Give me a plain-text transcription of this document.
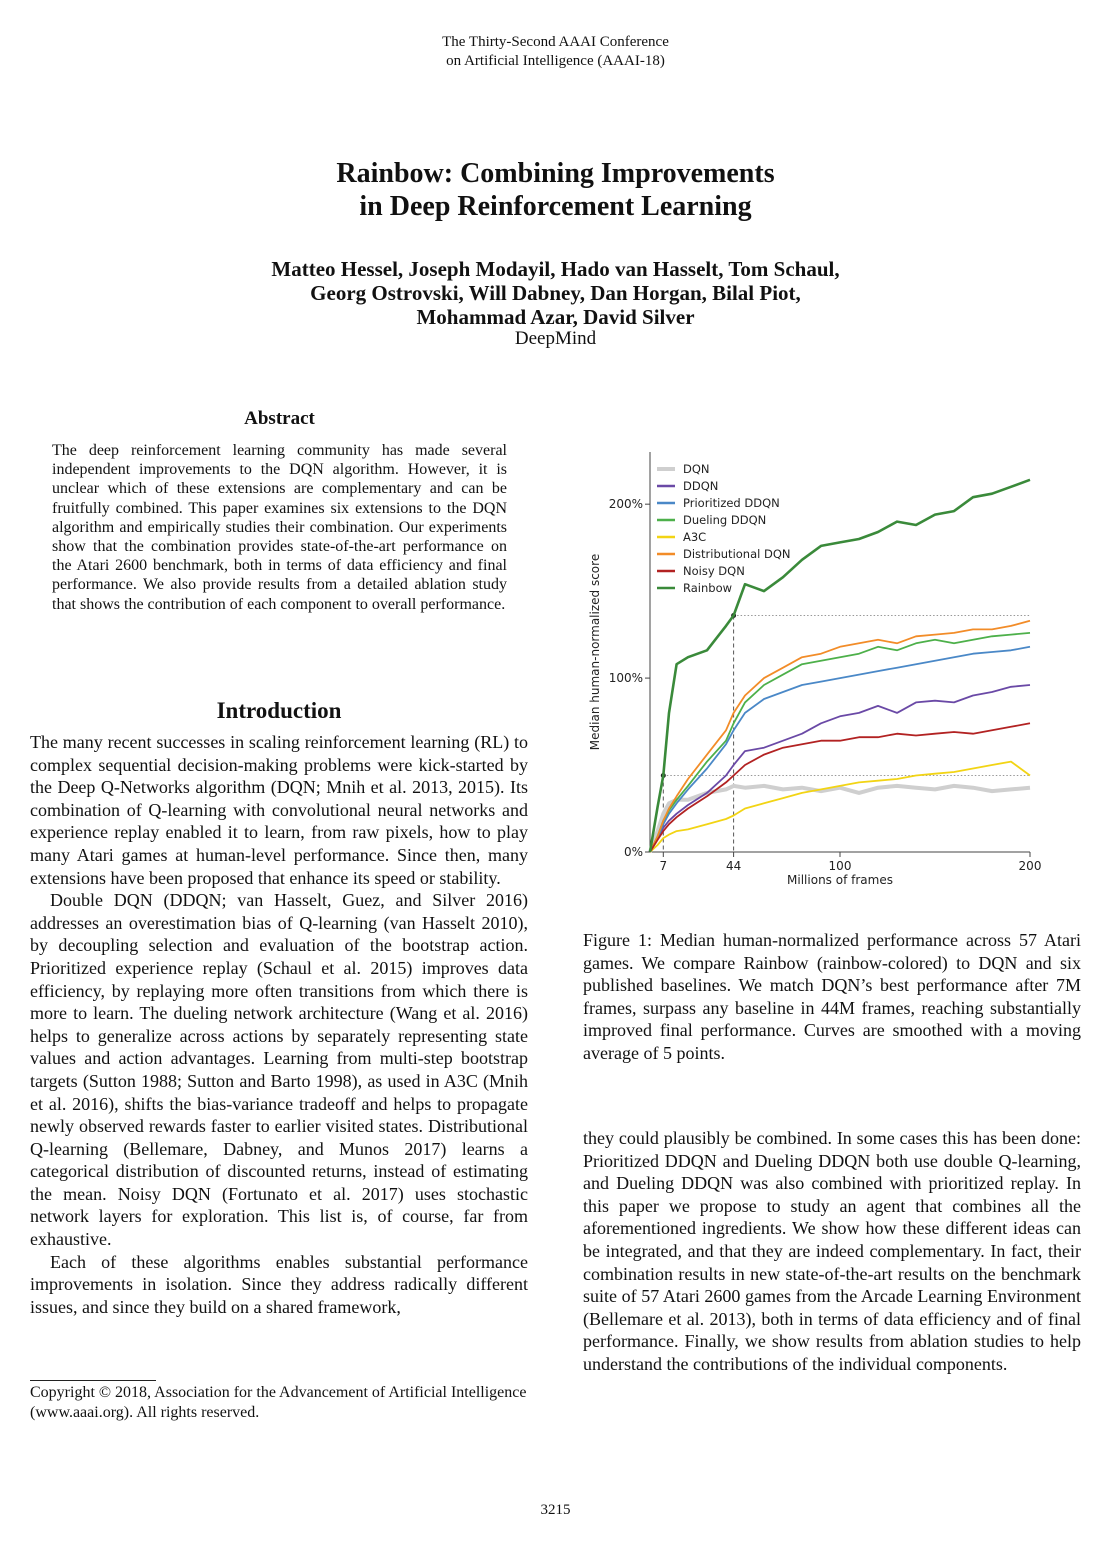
The Thirty-Second AAAI Conference
on Artificial Intelligence (AAAI-18)
Rainbow: Combining Improvements
in Deep Reinforcement Learning
Matteo Hessel, Joseph Modayil, Hado van Hasselt, Tom Schaul,
Georg Ostrovski, Will Dabney, Dan Horgan, Bilal Piot,
Mohammad Azar, David Silver
DeepMind
Abstract
The deep reinforcement learning community has made several independent improvements to the DQN algorithm. However, it is unclear which of these extensions are complementary and can be fruitfully combined. This paper examines six extensions to the DQN algorithm and empirically studies their combination. Our experiments show that the combination provides state-of-the-art performance on the Atari 2600 benchmark, both in terms of data efficiency and final performance. We also provide results from a detailed ablation study that shows the contribution of each component to overall performance.
Introduction

The many recent successes in scaling reinforcement learning (RL) to complex sequential decision-making problems were kick-started by the Deep Q-Networks algorithm (DQN; Mnih et al. 2013, 2015). Its combination of Q-learning with convolutional neural networks and experience replay enabled it to learn, from raw pixels, how to play many Atari games at human-level performance. Since then, many extensions have been proposed that enhance its speed or stability.

Double DQN (DDQN; van Hasselt, Guez, and Silver 2016) addresses an overestimation bias of Q-learning (van Hasselt 2010), by decoupling selection and evaluation of the bootstrap action. Prioritized experience replay (Schaul et al. 2015) improves data efficiency, by replaying more often transitions from which there is more to learn. The dueling network architecture (Wang et al. 2016) helps to generalize across actions by separately representing state values and action advantages. Learning from multi-step bootstrap targets (Sutton 1988; Sutton and Barto 1998), as used in A3C (Mnih et al. 2016), shifts the bias-variance tradeoff and helps to propagate newly observed rewards faster to earlier visited states. Distributional Q-learning (Bellemare, Dabney, and Munos 2017) learns a categorical distribution of discounted returns, instead of estimating the mean. Noisy DQN (Fortunato et al. 2017) uses stochastic network layers for exploration. This list is, of course, far from exhaustive.

Each of these algorithms enables substantial performance improvements in isolation. Since they address radically different issues, and since they build on a shared framework,

Copyright © 2018, Association for the Advancement of Artificial Intelligence (www.aaai.org). All rights reserved.
7	44	100	200
0%
100%
200%
DQN
DDQN
Prioritized DDQN
Dueling DDQN
A3C
Distributional DQN
Noisy DQN
Rainbow
Millions of frames
Median human-normalized score
Figure 1: Median human-normalized performance across 57 Atari games. We compare Rainbow (rainbow-colored) to DQN and six published baselines. We match DQN’s best performance after 7M frames, surpass any baseline in 44M frames, reaching substantially improved final performance. Curves are smoothed with a moving average of 5 points.

they could plausibly be combined. In some cases this has been done: Prioritized DDQN and Dueling DDQN both use double Q-learning, and Dueling DDQN was also combined with prioritized replay. In this paper we propose to study an agent that combines all the aforementioned ingredients. We show how these different ideas can be integrated, and that they are indeed complementary. In fact, their combination results in new state-of-the-art results on the benchmark suite of 57 Atari 2600 games from the Arcade Learning Environment (Bellemare et al. 2013), both in terms of data efficiency and of final performance. Finally, we show results from ablation studies to help understand the contributions of the individual components.

3215
